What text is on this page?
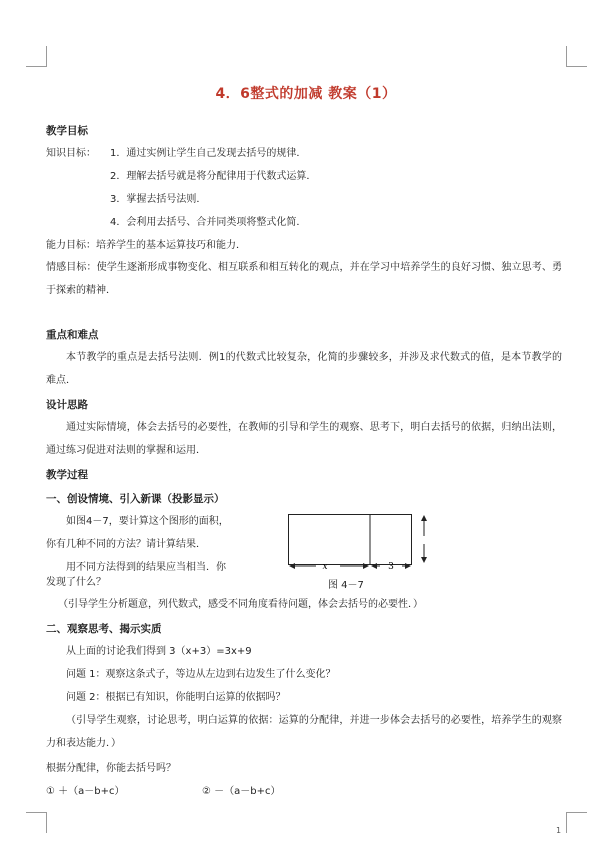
1
4．6整式的加减 教案（1）
教学目标
知识目标： 1．通过实例让学生自己发现去括号的规律．
2．理解去括号就是将分配律用于代数式运算．
3．掌握去括号法则．
4．会利用去括号、合并同类项将整式化简．
能力目标：培养学生的基本运算技巧和能力．
情感目标：使学生逐渐形成事物变化、相互联系和相互转化的观点，并在学习中培养学生的良好习惯、独立思考、勇于探索的精神．
重点和难点
本节教学的重点是去括号法则．例1的代数式比较复杂，化简的步骤较多，并涉及求代数式的值，是本节教学的难点．
设计思路
通过实际情境，体会去括号的必要性，在教师的引导和学生的观察、思考下，明白去括号的依据，归纳出法则，通过练习促进对法则的掌握和运用．
教学过程
一、创设情境、引入新课（投影显示）
如图4－7，要计算这个图形的面积，
你有几种不同的方法？请计算结果．
用不同方法得到的结果应当相当．你
发现了什么？
x	3
图 4－7
（引导学生分析题意，列代数式，感受不同角度看待问题，体会去括号的必要性．）
二、观察思考、揭示实质
从上面的讨论我们得到 3（x+3）=3x+9
问题 1：观察这条式子，等边从左边到右边发生了什么变化？
问题 2：根据已有知识，你能明白运算的依据吗？
（引导学生观察，讨论思考，明白运算的依据：运算的分配律，并进一步体会去括号的必要性，培养学生的观察力和表达能力．）
根据分配律，你能去括号吗？
① ＋（a－b+c）	② －（a－b+c）
